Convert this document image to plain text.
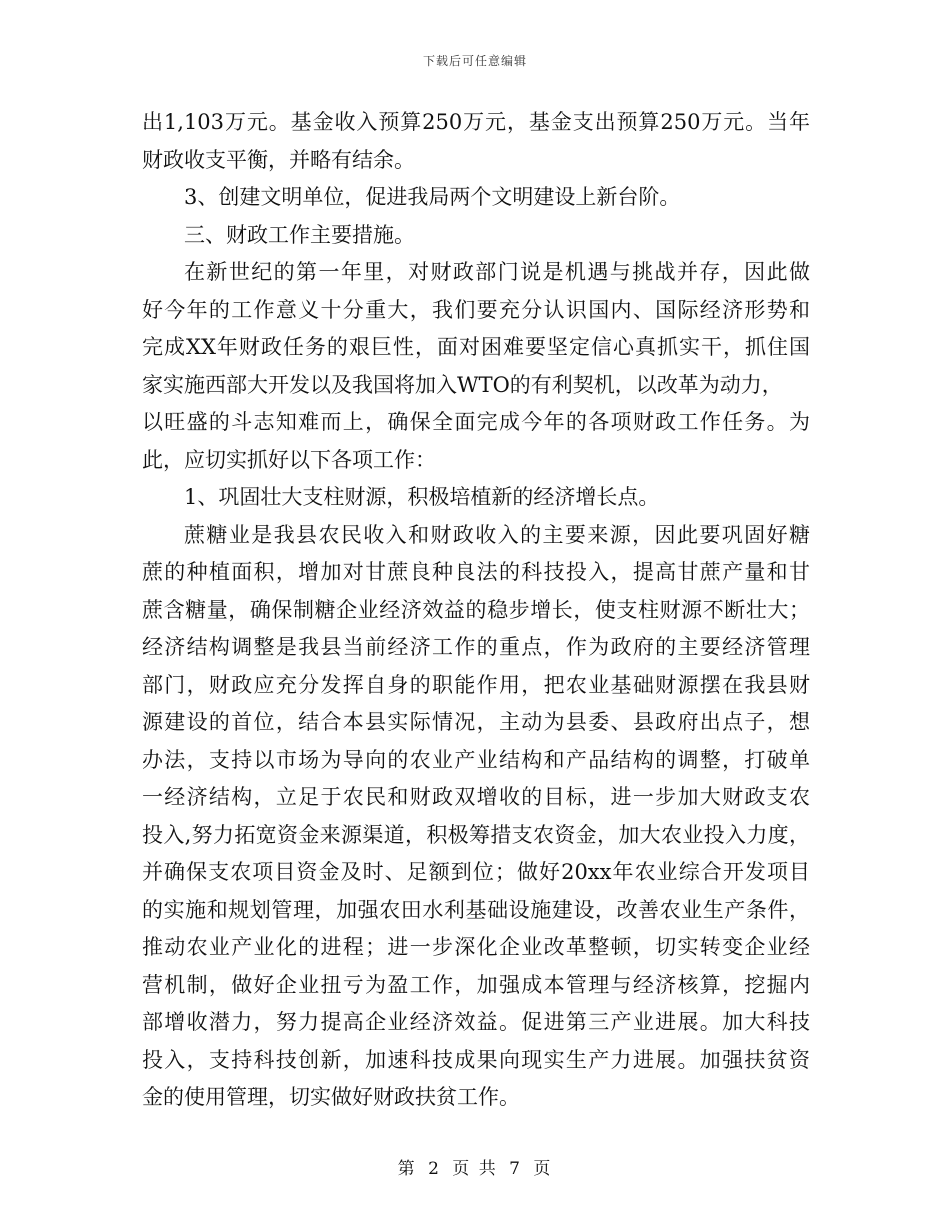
下载后可任意编辑
出1,103万元。基金收入预算250万元，基金支出预算250万元。当年
财政收支平衡，并略有结余。
3、创建文明单位，促进我局两个文明建设上新台阶。
三、财政工作主要措施。
在新世纪的第一年里，对财政部门说是机遇与挑战并存，因此做
好今年的工作意义十分重大，我们要充分认识国内、国际经济形势和
完成XX年财政任务的艰巨性，面对困难要坚定信心真抓实干，抓住国
家实施西部大开发以及我国将加入WTO的有利契机，以改革为动力，
以旺盛的斗志知难而上，确保全面完成今年的各项财政工作任务。为
此，应切实抓好以下各项工作：
1、巩固壮大支柱财源，积极培植新的经济增长点。
蔗糖业是我县农民收入和财政收入的主要来源，因此要巩固好糖
蔗的种植面积，增加对甘蔗良种良法的科技投入，提高甘蔗产量和甘
蔗含糖量，确保制糖企业经济效益的稳步增长，使支柱财源不断壮大；
经济结构调整是我县当前经济工作的重点，作为政府的主要经济管理
部门，财政应充分发挥自身的职能作用，把农业基础财源摆在我县财
源建设的首位，结合本县实际情况，主动为县委、县政府出点子，想
办法，支持以市场为导向的农业产业结构和产品结构的调整，打破单
一经济结构，立足于农民和财政双增收的目标，进一步加大财政支农
投入,努力拓宽资金来源渠道，积极筹措支农资金，加大农业投入力度，
并确保支农项目资金及时、足额到位；做好20xx年农业综合开发项目
的实施和规划管理，加强农田水利基础设施建设，改善农业生产条件，
推动农业产业化的进程；进一步深化企业改革整顿，切实转变企业经
营机制，做好企业扭亏为盈工作，加强成本管理与经济核算，挖掘内
部增收潜力，努力提高企业经济效益。促进第三产业进展。加大科技
投入，支持科技创新，加速科技成果向现实生产力进展。加强扶贫资
金的使用管理，切实做好财政扶贫工作。
第 2 页 共 7 页
